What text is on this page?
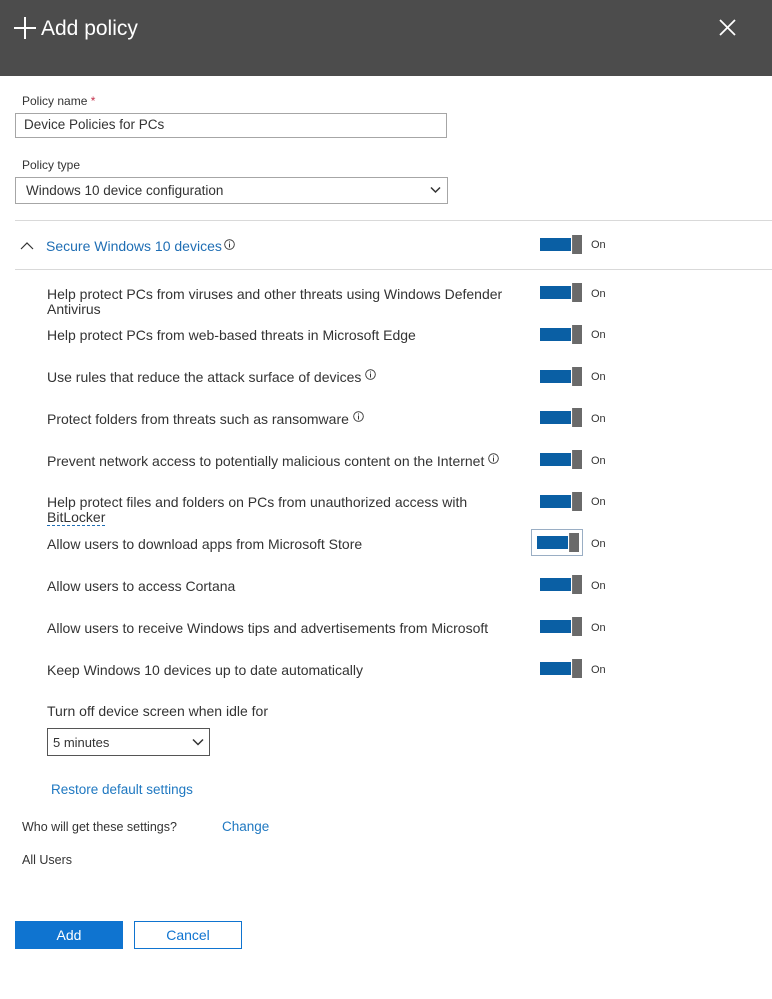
Add policy
Policy name *
Device Policies for PCs
Policy type
Windows 10 device configuration
Secure Windows 10 devices	On
Help protect PCs from viruses and other threats using Windows Defender Antivirus
On
Help protect PCs from web-based threats in Microsoft Edge	On
Use rules that reduce the attack surface of devices	On
Protect folders from threats such as ransomware	On
Prevent network access to potentially malicious content on the Internet	On
Help protect files and folders on PCs from unauthorized access with BitLocker
On
Allow users to download apps from Microsoft Store	On
Allow users to access Cortana	On
Allow users to receive Windows tips and advertisements from Microsoft	On
Keep Windows 10 devices up to date automatically	On
Turn off device screen when idle for
5 minutes
Restore default settings
Who will get these settings?	Change
All Users
Add	Cancel
